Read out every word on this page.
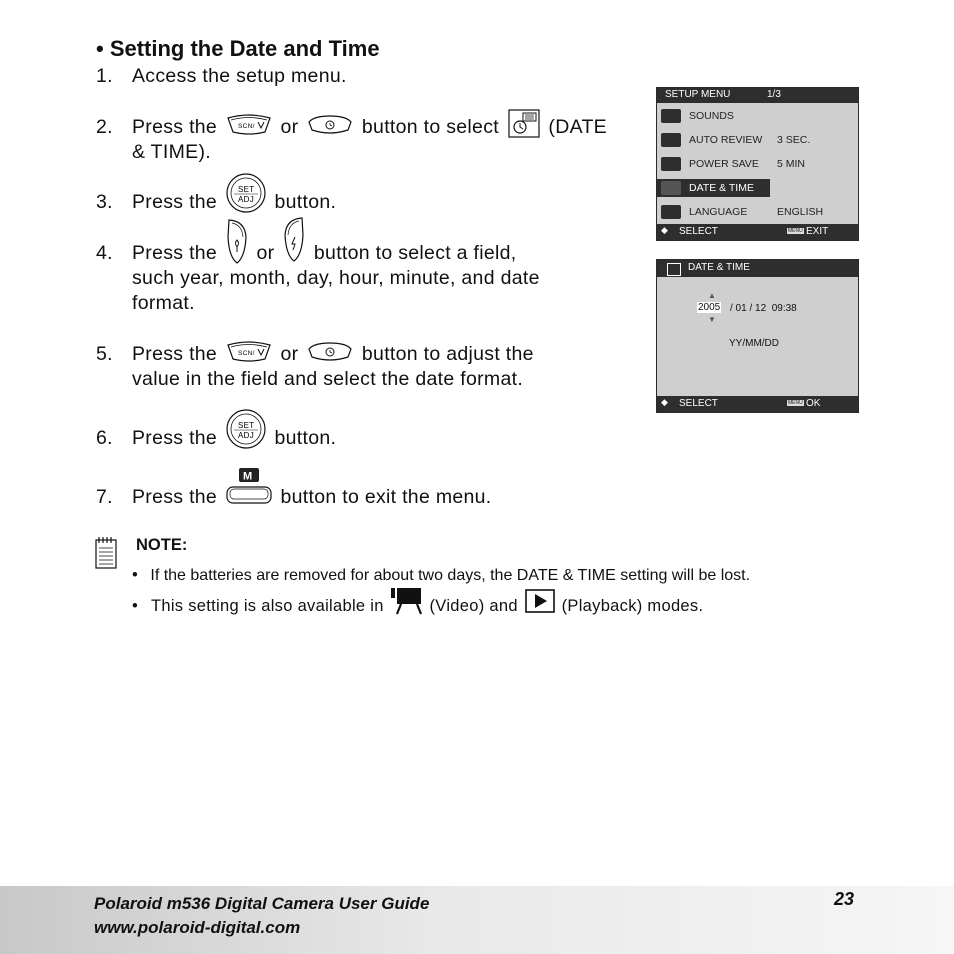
• Setting the Date and Time
1. Access the setup menu.
2. Press the	SCN/ or	button to select	(DATE
& TIME).
3. Press the
SET
ADJ button.
4. Press the or button to select a field,
such year, month, day, hour, minute, and date
format.
5. Press the	SCN/ or	button to adjust the
value in the field and select the date format.
6. Press the
SET
ADJ button.
7. Press the
M
button to exit the menu.
SETUP MENU	1/3
SOUNDS
AUTO REVIEW 3 SEC.
POWER SAVE 5 MIN
DATE & TIME
LANGUAGE	ENGLISH
◆ SELECT	MENU EXIT
DATE & TIME
▲
2005 / 01 / 12  09:38
▼
YY/MM/DD
◆ SELECT	MENU OK
NOTE:
• If the batteries are removed for about two days, the DATE & TIME setting will be lost.
• This setting is also available in	(Video) and	(Playback) modes.
Polaroid m536 Digital Camera User Guide
www.polaroid-digital.com
23
